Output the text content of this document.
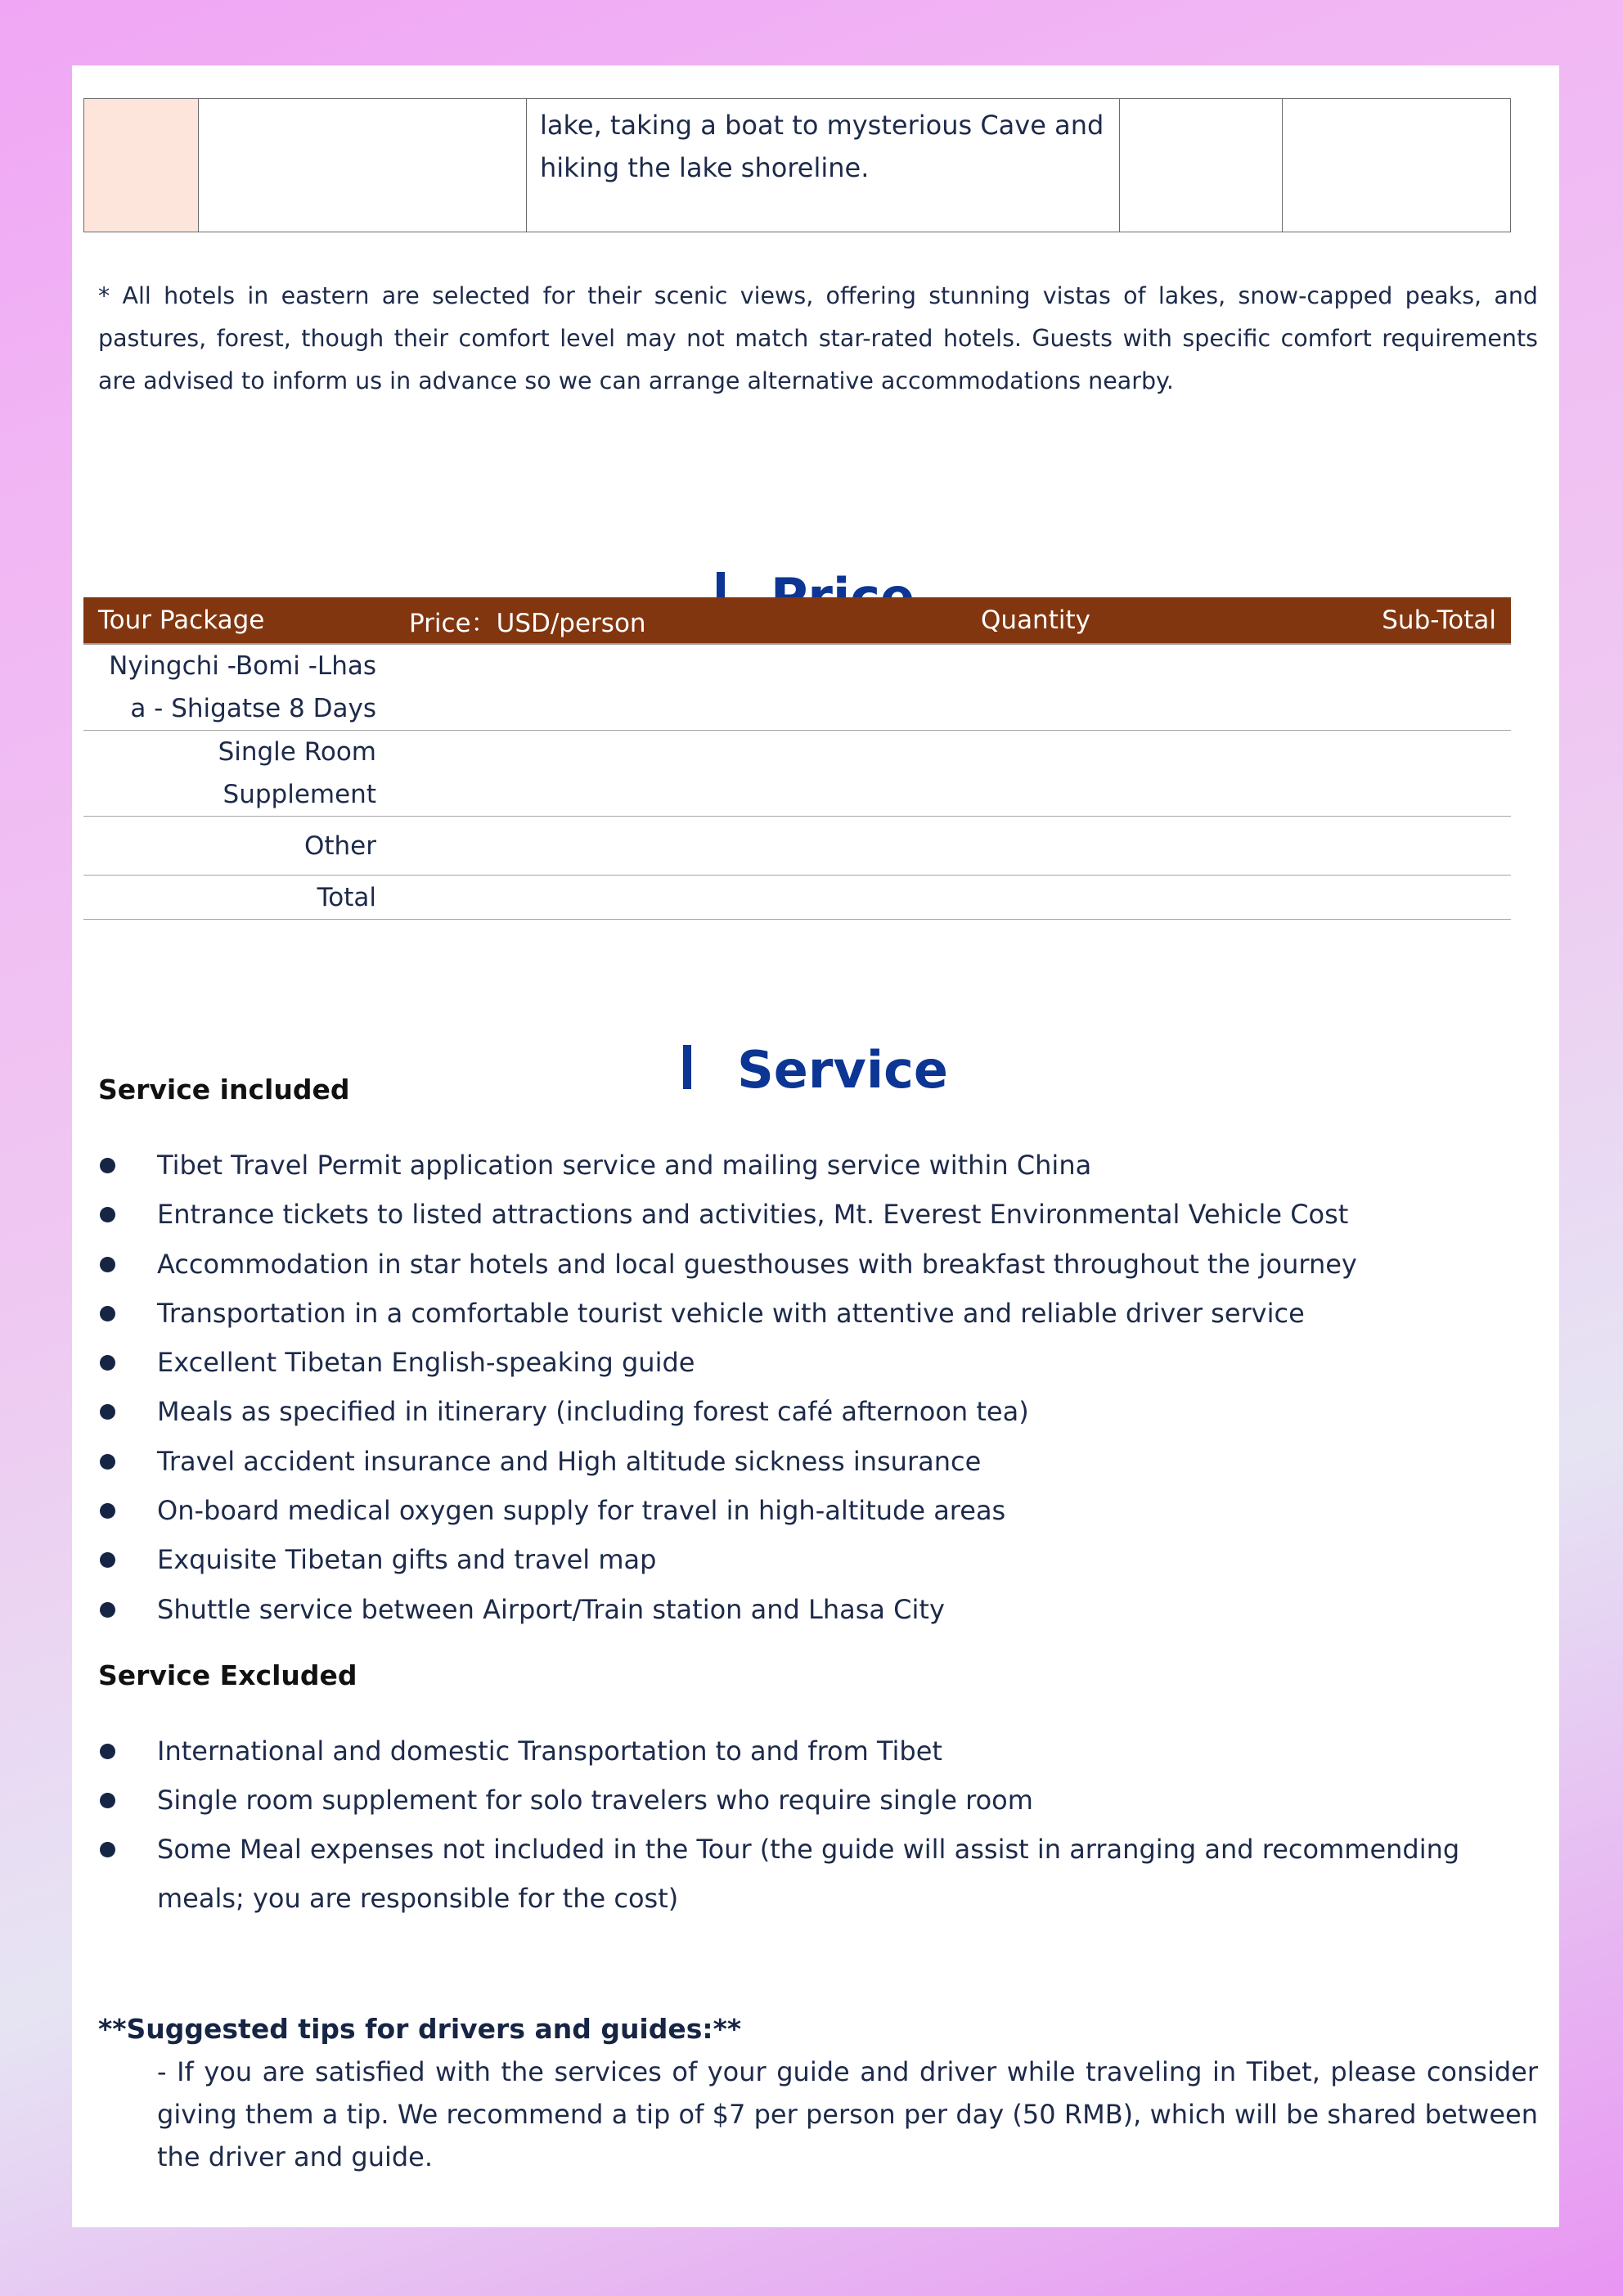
lake, taking a boat to mysterious Cave and hiking the lake shoreline.
* All hotels in eastern are selected for their scenic views, offering stunning vistas of lakes, snow-capped peaks, and pastures, forest, though their comfort level may not match star-rated hotels. Guests with specific comfort requirements are advised to inform us in advance so we can arrange alternative accommodations nearby.
Tour Package	Price：USD/person	Quantity	Sub-Total
Nyingchi -Bomi -Lhasa - Shigatse 8 Days			
Single Room Supplement			
Other			
Total			
Service
Service included
Tibet Travel Permit application service and mailing service within China
Entrance tickets to listed attractions and activities, Mt. Everest Environmental Vehicle Cost
Accommodation in star hotels and local guesthouses with breakfast throughout the journey
Transportation in a comfortable tourist vehicle with attentive and reliable driver service
Excellent Tibetan English-speaking guide
Meals as specified in itinerary (including forest café afternoon tea)
Travel accident insurance and High altitude sickness insurance
On-board medical oxygen supply for travel in high-altitude areas
Exquisite Tibetan gifts and travel map
Shuttle service between Airport/Train station and Lhasa City
Service Excluded
International and domestic Transportation to and from Tibet
Single room supplement for solo travelers who require single room
Some Meal expenses not included in the Tour (the guide will assist in arranging and recommending meals; you are responsible for the cost)
**Suggested tips for drivers and guides:**
- If you are satisfied with the services of your guide and driver while traveling in Tibet, please consider giving them a tip. We recommend a tip of $7 per person per day (50 RMB), which will be shared between the driver and guide.
